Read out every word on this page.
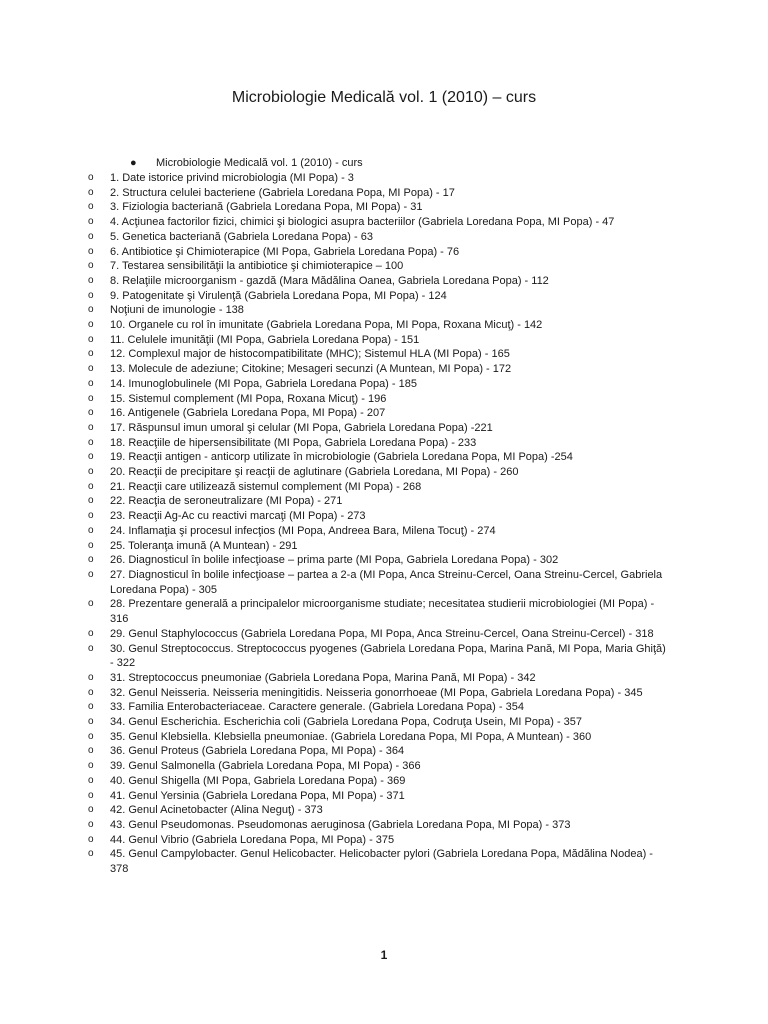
Microbiologie Medicală vol. 1 (2010) – curs
● Microbiologie Medicală vol. 1 (2010) - curs
o 1. Date istorice privind microbiologia (MI Popa) - 3
o 2. Structura celulei bacteriene (Gabriela Loredana Popa, MI Popa) - 17
o 3. Fiziologia bacteriană (Gabriela Loredana Popa, MI Popa) - 31
o 4. Acţiunea factorilor fizici, chimici şi biologici asupra bacteriilor (Gabriela Loredana Popa, MI Popa) - 47
o 5. Genetica bacteriană (Gabriela Loredana Popa) - 63
o 6. Antibiotice şi Chimioterapice (MI Popa, Gabriela Loredana Popa) - 76
o 7. Testarea sensibilităţii la antibiotice şi chimioterapice – 100
o 8. Relaţiile microorganism - gazdă (Mara Mădălina Oanea, Gabriela Loredana Popa) - 112
o 9. Patogenitate şi Virulenţă (Gabriela Loredana Popa, MI Popa) - 124
o Noţiuni de imunologie - 138
o 10. Organele cu rol în imunitate (Gabriela Loredana Popa, MI Popa, Roxana Micuţ) - 142
o 11. Celulele imunităţii (MI Popa, Gabriela Loredana Popa) - 151
o 12. Complexul major de histocompatibilitate (MHC); Sistemul HLA (MI Popa) - 165
o 13. Molecule de adeziune; Citokine; Mesageri secunzi (A Muntean, MI Popa) - 172
o 14. Imunoglobulinele (MI Popa, Gabriela Loredana Popa) - 185
o 15. Sistemul complement (MI Popa, Roxana Micuţ) - 196
o 16. Antigenele (Gabriela Loredana Popa, MI Popa) - 207
o 17. Răspunsul imun umoral şi celular (MI Popa, Gabriela Loredana Popa) -221
o 18. Reacţiile de hipersensibilitate (MI Popa, Gabriela Loredana Popa) - 233
o 19. Reacţii antigen - anticorp utilizate în microbiologie (Gabriela Loredana Popa, MI Popa) -254
o 20. Reacţii de precipitare şi reacţii de aglutinare (Gabriela Loredana, MI Popa) - 260
o 21. Reacţii care utilizează sistemul complement (MI Popa) - 268
o 22. Reacţia de seroneutralizare (MI Popa) - 271
o 23. Reacţii Ag-Ac cu reactivi marcaţi (MI Popa) - 273
o 24. Inflamaţia şi procesul infecţios (MI Popa, Andreea Bara, Milena Tocuţ) - 274
o 25. Toleranţa imună (A Muntean) - 291
o 26. Diagnosticul în bolile infecţioase – prima parte (MI Popa, Gabriela Loredana Popa) - 302
o 27. Diagnosticul în bolile infecţioase – partea a 2-a (MI Popa, Anca Streinu-Cercel, Oana Streinu-Cercel, Gabriela Loredana Popa) - 305
o 28. Prezentare generală a principalelor microorganisme studiate; necesitatea studierii microbiologiei (MI Popa) - 316
o 29. Genul Staphylococcus (Gabriela Loredana Popa, MI Popa, Anca Streinu-Cercel, Oana Streinu-Cercel) - 318
o 30. Genul Streptococcus. Streptococcus pyogenes (Gabriela Loredana Popa, Marina Pană, MI Popa, Maria Ghiţă) - 322
o 31. Streptococcus pneumoniae (Gabriela Loredana Popa, Marina Pană, MI Popa) - 342
o 32. Genul Neisseria. Neisseria meningitidis. Neisseria gonorrhoeae (MI Popa, Gabriela Loredana Popa) - 345
o 33. Familia Enterobacteriaceae. Caractere generale. (Gabriela Loredana Popa) - 354
o 34. Genul Escherichia. Escherichia coli (Gabriela Loredana Popa, Codruţa Usein, MI Popa) - 357
o 35. Genul Klebsiella. Klebsiella pneumoniae. (Gabriela Loredana Popa, MI Popa, A Muntean) - 360
o 36. Genul Proteus (Gabriela Loredana Popa, MI Popa) - 364
o 39. Genul Salmonella (Gabriela Loredana Popa, MI Popa) - 366
o 40. Genul Shigella (MI Popa, Gabriela Loredana Popa) - 369
o 41. Genul Yersinia (Gabriela Loredana Popa, MI Popa) - 371
o 42. Genul Acinetobacter (Alina Neguţ) - 373
o 43. Genul Pseudomonas. Pseudomonas aeruginosa (Gabriela Loredana Popa, MI Popa) - 373
o 44. Genul Vibrio (Gabriela Loredana Popa, MI Popa) - 375
o 45. Genul Campylobacter. Genul Helicobacter. Helicobacter pylori (Gabriela Loredana Popa, Mădălina Nodea) - 378
1
